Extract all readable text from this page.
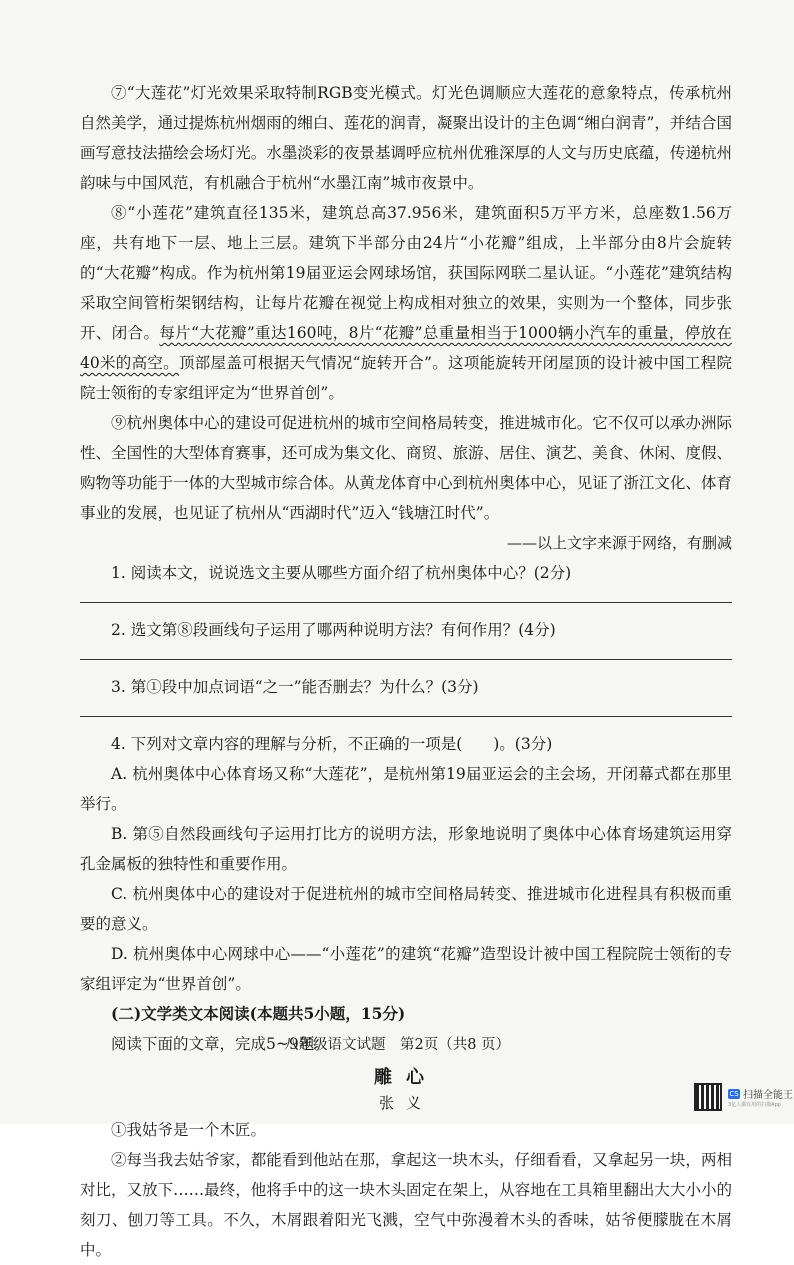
⑦“大莲花”灯光效果采取特制RGB变光模式。灯光色调顺应大莲花的意象特点，传承杭州自然美学，通过提炼杭州烟雨的缃白、莲花的润青，凝聚出设计的主色调“缃白润青”，并结合国画写意技法描绘会场灯光。水墨淡彩的夜景基调呼应杭州优雅深厚的人文与历史底蕴，传递杭州韵味与中国风范，有机融合于杭州“水墨江南”城市夜景中。

⑧“小莲花”建筑直径135米，建筑总高37.956米，建筑面积5万平方米，总座数1.56万座，共有地下一层、地上三层。建筑下半部分由24片“小花瓣”组成，上半部分由8片会旋转的“大花瓣”构成。作为杭州第19届亚运会网球场馆，获国际网联二星认证。“小莲花”建筑结构采取空间管桁架钢结构，让每片花瓣在视觉上构成相对独立的效果，实则为一个整体，同步张开、闭合。每片“大花瓣”重达160吨，8片“花瓣”总重量相当于1000辆小汽车的重量，停放在40米的高空。顶部屋盖可根据天气情况“旋转开合”。这项能旋转开闭屋顶的设计被中国工程院院士领衔的专家组评定为“世界首创”。

⑨杭州奥体中心的建设可促进杭州的城市空间格局转变，推进城市化。它不仅可以承办洲际性、全国性的大型体育赛事，还可成为集文化、商贸、旅游、居住、演艺、美食、休闲、度假、购物等功能于一体的大型城市综合体。从黄龙体育中心到杭州奥体中心，见证了浙江文化、体育事业的发展，也见证了杭州从“西湖时代”迈入“钱塘江时代”。

——以上文字来源于网络，有删减

1. 阅读本文，说说选文主要从哪些方面介绍了杭州奥体中心？(2分)

2. 选文第⑧段画线句子运用了哪两种说明方法？有何作用？(4分)

3. 第①段中加点词语“之一”能否删去？为什么？(3分)

4. 下列对文章内容的理解与分析，不正确的一项是(　　)。(3分)

A. 杭州奥体中心体育场又称“大莲花”，是杭州第19届亚运会的主会场，开闭幕式都在那里举行。

B. 第⑤自然段画线句子运用打比方的说明方法，形象地说明了奥体中心体育场建筑运用穿孔金属板的独特性和重要作用。

C. 杭州奥体中心的建设对于促进杭州的城市空间格局转变、推进城市化进程具有积极而重要的意义。

D. 杭州奥体中心网球中心——“小莲花”的建筑“花瓣”造型设计被中国工程院院士领衔的专家组评定为“世界首创”。

(二)文学类文本阅读(本题共5小题，15分)

阅读下面的文章，完成5~9题。

雕心

张义

①我姑爷是一个木匠。

②每当我去姑爷家，都能看到他站在那，拿起这一块木头，仔细看看，又拿起另一块，两相对比，又放下……最终，他将手中的这一块木头固定在架上，从容地在工具箱里翻出大大小小的刻刀、刨刀等工具。不久，木屑跟着阳光飞溅，空气中弥漫着木头的香味，姑爷便朦胧在木屑中。

八年级语文试题　第2页（共8 页）
CS 扫描全能王
3亿人都在用的扫描App
